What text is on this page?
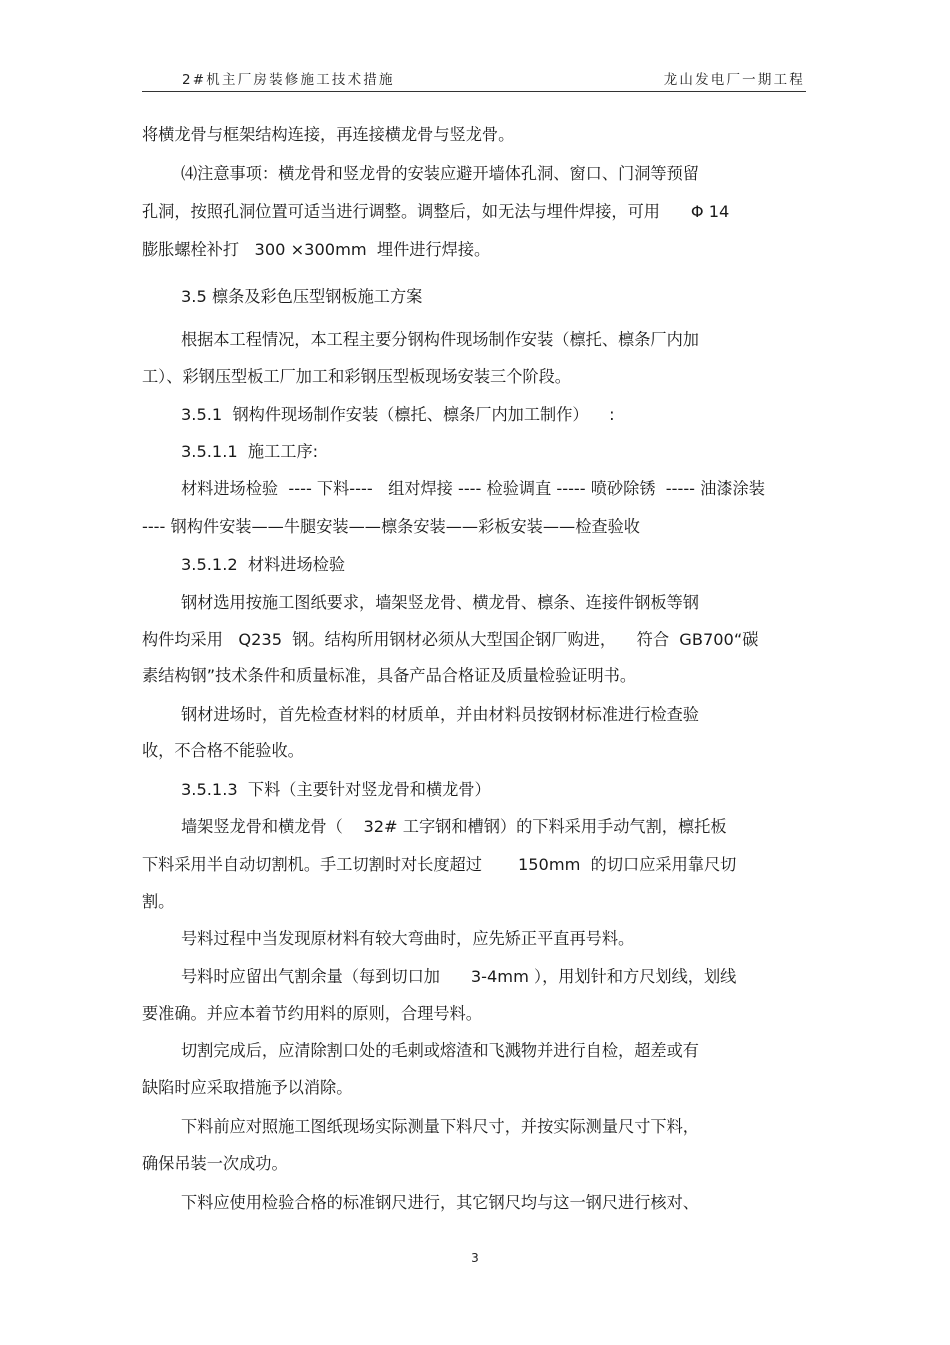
2#机主厂房装修施工技术措施	龙山发电厂一期工程
将横龙骨与框架结构连接，再连接横龙骨与竖龙骨。
⑷注意事项：横龙骨和竖龙骨的安装应避开墙体孔洞、窗口、门洞等预留
孔洞，按照孔洞位置可适当进行调整。调整后，如无法与埋件焊接，可用      Φ 14
膨胀螺栓补打   300 ×300mm  埋件进行焊接。
3.5 檩条及彩色压型钢板施工方案
根据本工程情况，本工程主要分钢构件现场制作安装（檩托、檩条厂内加
工）、彩钢压型板工厂加工和彩钢压型板现场安装三个阶段。
3.5.1  钢构件现场制作安装（檩托、檩条厂内加工制作）    :
3.5.1.1  施工工序:
材料进场检验  ---- 下料----   组对焊接 ---- 检验调直 ----- 喷砂除锈  ----- 油漆涂装
---- 钢构件安装——牛腿安装——檩条安装——彩板安装——检查验收
3.5.1.2  材料进场检验
钢材选用按施工图纸要求，墙架竖龙骨、横龙骨、檩条、连接件钢板等钢
构件均采用   Q235  钢。结构所用钢材必须从大型国企钢厂购进，    符合  GB700“碳
素结构钢”技术条件和质量标准，具备产品合格证及质量检验证明书。
钢材进场时，首先检查材料的材质单，并由材料员按钢材标准进行检查验
收，不合格不能验收。
3.5.1.3  下料（主要针对竖龙骨和横龙骨）
墙架竖龙骨和横龙骨（    32# 工字钢和槽钢）的下料采用手动气割，檩托板
下料采用半自动切割机。手工切割时对长度超过       150mm  的切口应采用靠尺切
割。
号料过程中当发现原材料有较大弯曲时，应先矫正平直再号料。
号料时应留出气割余量（每到切口加      3-4mm ），用划针和方尺划线，划线
要准确。并应本着节约用料的原则，合理号料。
切割完成后，应清除割口处的毛刺或熔渣和飞溅物并进行自检，超差或有
缺陷时应采取措施予以消除。
下料前应对照施工图纸现场实际测量下料尺寸，并按实际测量尺寸下料，
确保吊装一次成功。
下料应使用检验合格的标准钢尺进行，其它钢尺均与这一钢尺进行核对、
3
